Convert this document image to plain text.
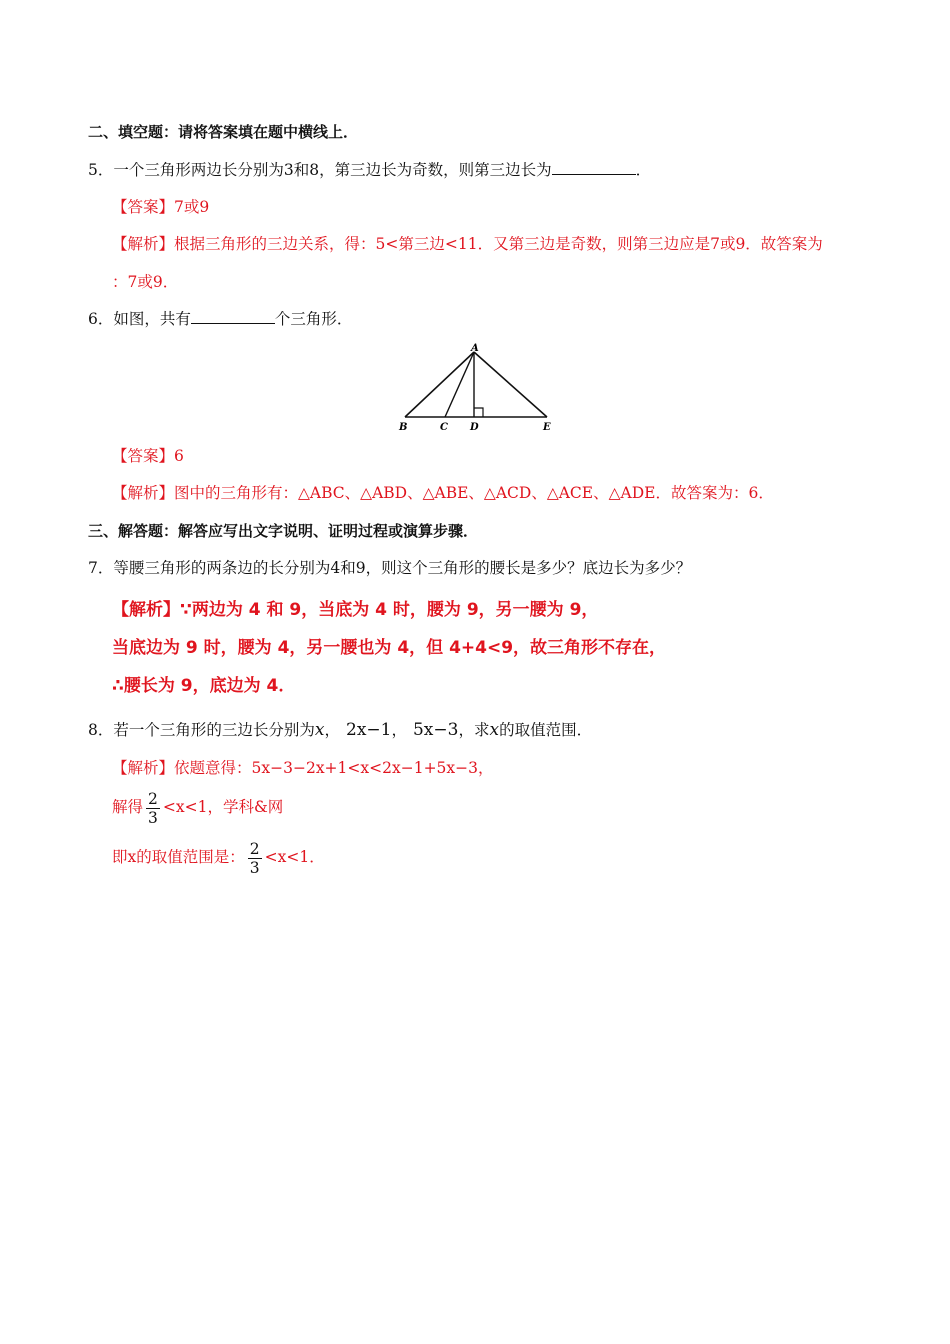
二、填空题：请将答案填在题中横线上．
5．一个三角形两边长分别为3和8，第三边长为奇数，则第三边长为	．
【答案】7或9
【解析】根据三角形的三边关系，得：5<第三边<11．又第三边是奇数，则第三边应是7或9．故答案为
：7或9．
6．如图，共有	个三角形．
A
B	C D	E
【答案】6
【解析】图中的三角形有：△ABC、△ABD、△ABE、△ACD、△ACE、△ADE．故答案为：6．
三、解答题：解答应写出文字说明、证明过程或演算步骤．
7．等腰三角形的两条边的长分别为4和9，则这个三角形的腰长是多少？底边长为多少？
【解析】∵两边为 4 和 9，当底为 4 时，腰为 9，另一腰为 9，
当底边为 9 时，腰为 4，另一腰也为 4，但 4+4<9，故三角形不存在，
∴腰长为 9，底边为 4．
8．若一个三角形的三边长分别为x， 2x−1， 5x−3，求x的取值范围．
【解析】依题意得：5x−3−2x+1<x<2x−1+5x−3，
解得 $\frac{2}{3} <x<1$，学科&网
即x的取值范围是： $\frac{2}{3} <x<1$．
